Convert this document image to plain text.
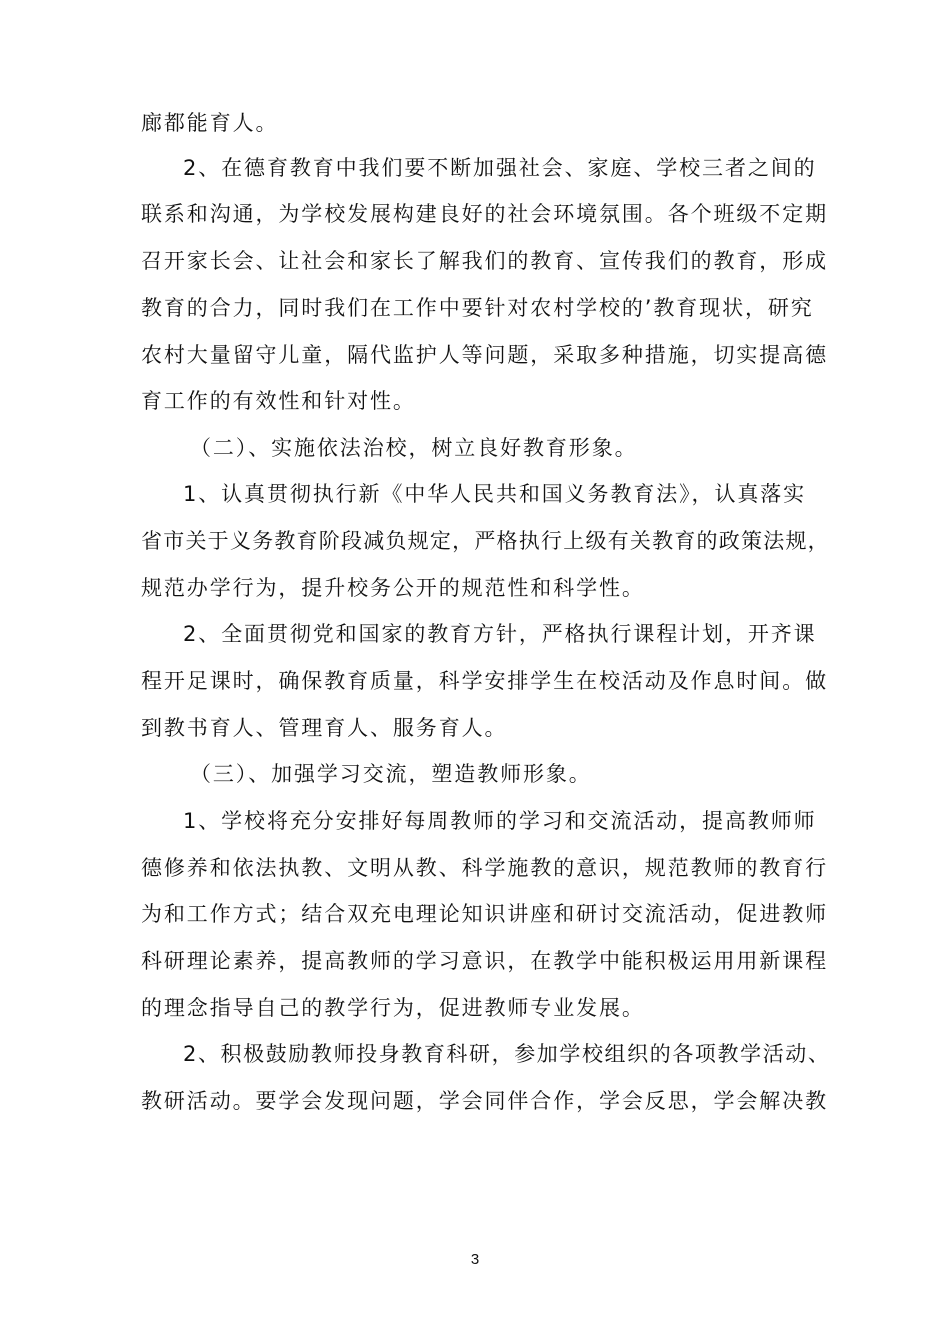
廊都能育人。
2、在德育教育中我们要不断加强社会、家庭、学校三者之间的
联系和沟通，为学校发展构建良好的社会环境氛围。各个班级不定期
召开家长会、让社会和家长了解我们的教育、宣传我们的教育，形成
教育的合力，同时我们在工作中要针对农村学校的’教育现状，研究
农村大量留守儿童，隔代监护人等问题，采取多种措施，切实提高德
育工作的有效性和针对性。
（二）、实施依法治校，树立良好教育形象。
1、认真贯彻执行新《中华人民共和国义务教育法》，认真落实
省市关于义务教育阶段减负规定，严格执行上级有关教育的政策法规，
规范办学行为，提升校务公开的规范性和科学性。
2、全面贯彻党和国家的教育方针，严格执行课程计划，开齐课
程开足课时，确保教育质量，科学安排学生在校活动及作息时间。做
到教书育人、管理育人、服务育人。
（三）、加强学习交流，塑造教师形象。
1、学校将充分安排好每周教师的学习和交流活动，提高教师师
德修养和依法执教、文明从教、科学施教的意识，规范教师的教育行
为和工作方式；结合双充电理论知识讲座和研讨交流活动，促进教师
科研理论素养，提高教师的学习意识，在教学中能积极运用用新课程
的理念指导自己的教学行为，促进教师专业发展。
2、积极鼓励教师投身教育科研，参加学校组织的各项教学活动、
教研活动。要学会发现问题，学会同伴合作，学会反思，学会解决教
3
